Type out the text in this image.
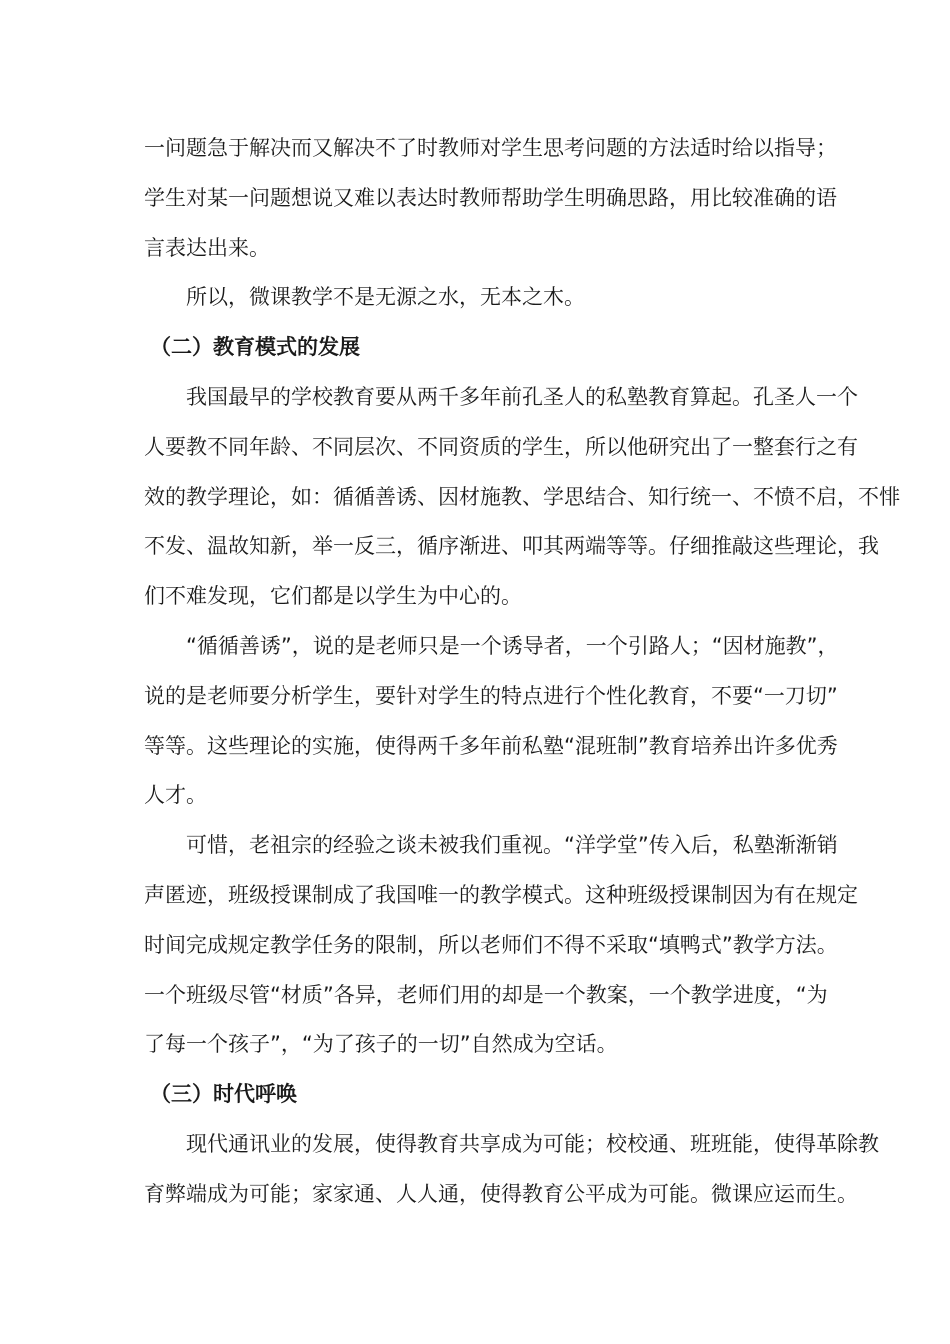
一问题急于解决而又解决不了时教师对学生思考问题的方法适时给以指导；
学生对某一问题想说又难以表达时教师帮助学生明确思路，用比较准确的语
言表达出来。
所以，微课教学不是无源之水，无本之木。
（二）教育模式的发展
我国最早的学校教育要从两千多年前孔圣人的私塾教育算起。孔圣人一个
人要教不同年龄、不同层次、不同资质的学生，所以他研究出了一整套行之有
效的教学理论，如：循循善诱、因材施教、学思结合、知行统一、不愤不启，不悱
不发、温故知新，举一反三，循序渐进、叩其两端等等。仔细推敲这些理论，我
们不难发现，它们都是以学生为中心的。
“循循善诱”，说的是老师只是一个诱导者，一个引路人；“因材施教”，
说的是老师要分析学生，要针对学生的特点进行个性化教育，不要“一刀切”
等等。这些理论的实施，使得两千多年前私塾“混班制”教育培养出许多优秀
人才。
可惜，老祖宗的经验之谈未被我们重视。“洋学堂”传入后，私塾渐渐销
声匿迹，班级授课制成了我国唯一的教学模式。这种班级授课制因为有在规定
时间完成规定教学任务的限制，所以老师们不得不采取“填鸭式”教学方法。
一个班级尽管“材质”各异，老师们用的却是一个教案，一个教学进度，“为
了每一个孩子”，“为了孩子的一切”自然成为空话。
（三）时代呼唤
现代通讯业的发展，使得教育共享成为可能；校校通、班班能，使得革除教
育弊端成为可能；家家通、人人通，使得教育公平成为可能。微课应运而生。
